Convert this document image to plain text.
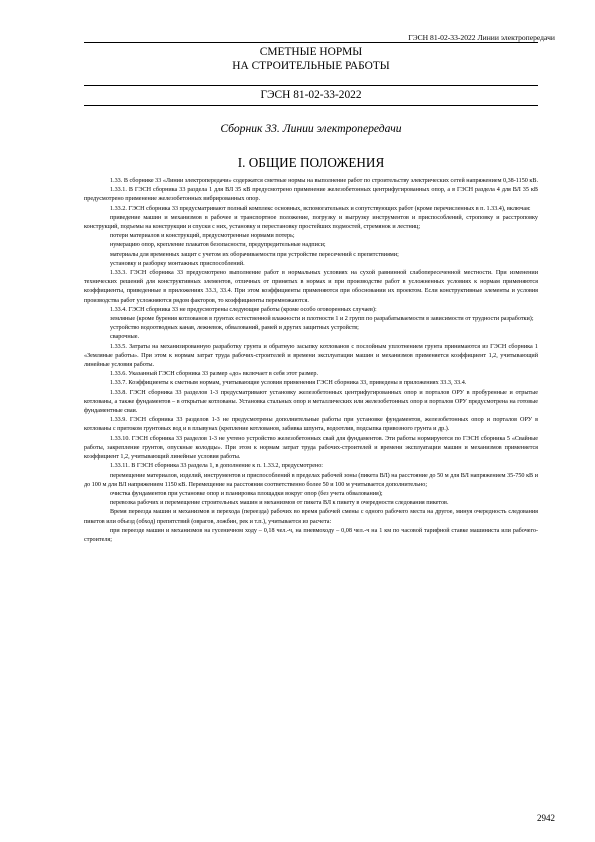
ГЭСН 81-02-33-2022 Линии электропередачи
СМЕТНЫЕ НОРМЫ
НА СТРОИТЕЛЬНЫЕ РАБОТЫ
ГЭСН 81-02-33-2022
Сборник 33. Линии электропередачи
I. ОБЩИЕ ПОЛОЖЕНИЯ

1.33. В сборнике 33 «Линии электропередачи» содержатся сметные нормы на выполнение работ по строительству электрических сетей напряжением 0,38-1150 кВ.

1.33.1. В ГЭСН сборника 33 раздела 1 для ВЛ 35 кВ предусмотрено применение железобетонных центрифугированных опор, а в ГЭСН раздела 4 для ВЛ 35 кВ предусмотрено применение железобетонных вибрированных опор.

1.33.2. ГЭСН сборника 33 предусматривают полный комплекс основных, вспомогательных и сопутствующих работ (кроме перечисленных в п. 1.33.4), включая:

приведение машин и механизмов в рабочее и транспортное положение, погрузку и выгрузку инструментов и приспособлений, строповку и расстроповку конструкций, подъемы на конструкции и спуски с них, установку и перестановку простейших подмостей, стремянок и лестниц;

потери материалов и конструкций, предусмотренные нормами потерь;

нумерацию опор, крепление плакатов безопасности, предупредительные надписи;

материалы для временных защит с учетом их оборачиваемости при устройстве пересечений с препятствиями;

установку и разборку монтажных приспособлений.

1.33.3. ГЭСН сборника 33 предусмотрено выполнение работ в нормальных условиях на сухой равнинной слабопересеченной местности. При изменении технических решений для конструктивных элементов, отличных от принятых в нормах и при производстве работ в усложненных условиях к нормам применяются коэффициенты, приведенные в приложениях 33.3, 33.4. При этом коэффициенты применяются при обосновании их проектом. Если конструктивные элементы и условия производства работ усложняются рядом факторов, то коэффициенты перемножаются.

1.33.4. ГЭСН сборника 33 не предусмотрены следующие работы (кроме особо оговоренных случаев):

земляные (кроме бурения котлованов в грунтах естественной влажности и плотности 1 и 2 групп по разрабатываемости в зависимости от трудности разработки);

устройство водоотводных канав, лежневок, обвалований, рамей и других защитных устройств;

сварочные.

1.33.5. Затраты на механизированную разработку грунта и обратную засыпку котлованов с послойным уплотнением грунта принимаются из ГЭСН сборника 1 «Земляные работы». При этом к нормам затрат труда рабочих-строителей и времени эксплуатации машин и механизмов применяется коэффициент 1,2, учитывающий линейные условия работы.

1.33.6. Указанный ГЭСН сборника 33 размер «до» включает в себя этот размер.

1.33.7. Коэффициенты к сметным нормам, учитывающие условия применения ГЭСН сборника 33, приведены в приложениях 33.3, 33.4.

1.33.8. ГЭСН сборника 33 разделов 1-3 предусматривают установку железобетонных центрифугированных опор и порталов ОРУ в пробуренные и отрытые котлованы, а также фундаментов – в открытые котлованы. Установка стальных опор и металлических или железобетонных опор и порталов ОРУ предусмотрена на готовые фундаментные сваи.

1.33.9. ГЭСН сборника 33 разделов 1-3 не предусмотрены дополнительные работы при установке фундаментов, железобетонных опор и порталов ОРУ в котлованы с притоком грунтовых вод и в плывунах (крепление котлованов, забивка шпунта, водоотлив, подсыпка привозного грунта и др.).

1.33.10. ГЭСН сборника 33 разделов 1-3 не учтено устройство железобетонных свай для фундаментов. Эти работы нормируются по ГЭСН сборника 5 «Свайные работы, закрепление грунтов, опускные колодцы». При этом к нормам затрат труда рабочих-строителей и времени эксплуатации машин и механизмов применяется коэффициент 1,2, учитывающий линейные условия работы.

1.33.11. В ГЭСН сборника 33 раздела 1, в дополнение к п. 1.33.2, предусмотрено:

перемещение материалов, изделий, инструментов и приспособлений в пределах рабочей зоны (пикета ВЛ) на расстояние до 50 м для ВЛ напряжением 35-750 кВ и до 100 м для ВЛ напряжением 1150 кВ. Перемещение на расстояния соответственно более 50 и 100 м учитывается дополнительно;

очистка фундаментов при установке опор и планировка площадки вокруг опор (без учета обвалования);

перевозка рабочих и перемещение строительных машин и механизмов от пикета ВЛ к пикету в очередности следования пикетов.

Время переезда машин и механизмов и перехода (переезда) рабочих во время рабочей смены с одного рабочего места на другое, минуя очередность следования пикетов или объезд (обход) препятствий (оврагов, ложбин, рек и т.п.), учитывается из расчета:

при переезде машин и механизмов на гусеничном ходу – 0,18 чел.-ч, на пневмоходу – 0,08 чел.-ч на 1 км по часовой тарифной ставке машиниста или рабочего-строителя;

2942
